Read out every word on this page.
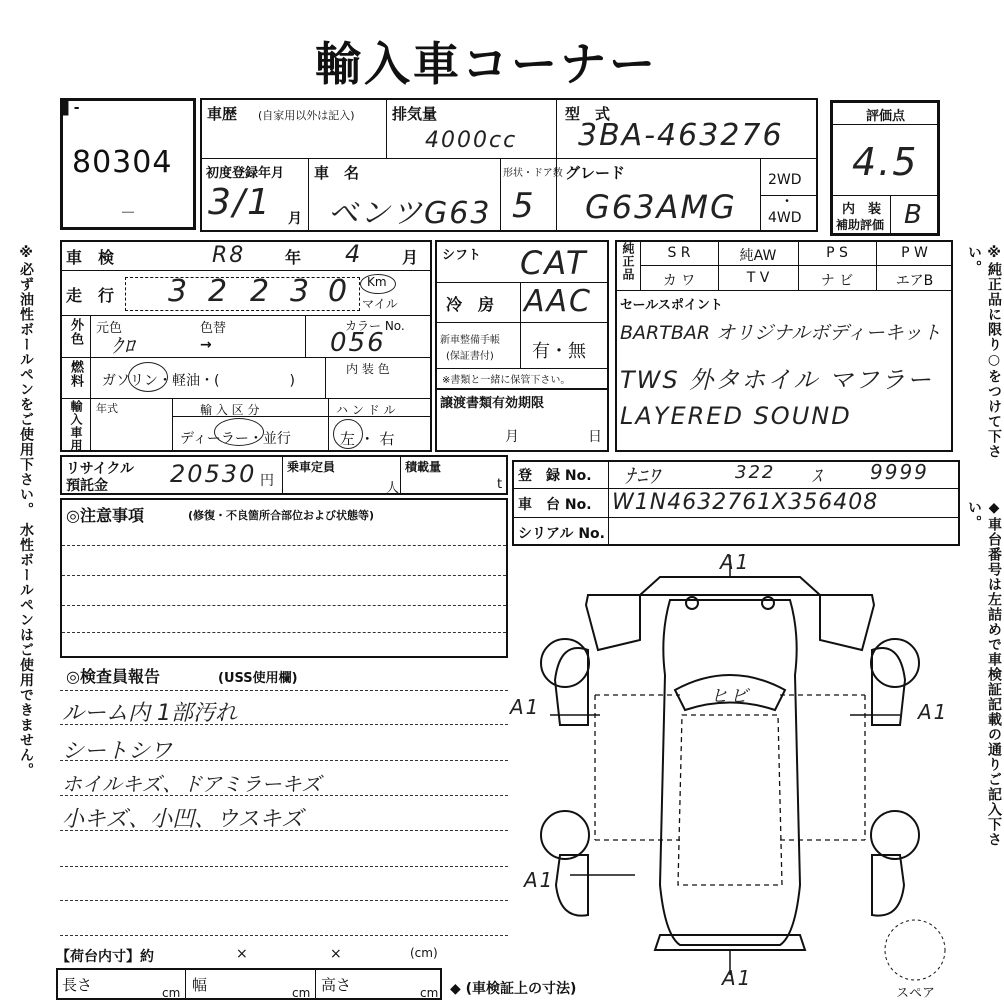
輸入車コーナー
※必ず油性ボールペンをご使用下さい。 水性ボールペンはご使用できません。	※純正品に限り○をつけて下さい。
◆車台番号は左詰めで車検証記載の通りご記入下さい。
▌-
80304
－
車歴 (自家用以外は記入) 排気量
4000cc
型　式
3BA-463276
初度登録年月
3/1 月
車　名
ベンツG63
形状・ドア数
5
グレード
G63AMG
2WD
・
4WD
評価点
4.5
内　装
補助評価 B
車　検	R8 年 4 月
走　行 3 2 2 3 0 Km
マイル
外色 元色	色替
ｸﾛ	→
カラー No.
056
燃料 ガソリン・軽油・(　　　　　)
内 装 色
輸入車用 年式	輸 入 区 分	ハ ン ド ル
ディーラー・並行	左 ・ 右
シフト CAT
冷　房 AAC
新車整備手帳
(保証書付) 有・無
※書類と一緒に保管下さい。
譲渡書類有効期限
月	日
純正品	S R	純AW	P S	P W
カ ワ	T V	ナ ビ	エアB
セールスポイント
BARTBAR オリジナルボディーキット
TWS 外タホイル マフラー
LAYERED SOUND
リサイクル
預託金	20530 円
乗車定員
人
積載量
t
登　録 No. ﾅﾆﾜ	322 ｽ 9999
車　台 No. W1N4632761X356408
シリアル No.
◎注意事項	(修復・不良箇所合部位および状態等)
◎検査員報告	(USS使用欄)
ルーム内 1部汚れ
シートシワ
ホイルキズ、ドアミラーキズ
小キズ、小凹、ウスキズ
【荷台内寸】約	×	×	(cm)
長さ	cm 幅	cm 高さ	cm ◆ (車検証上の寸法)
A1
A1	A1
A1
A1
ヒビ
スペア
